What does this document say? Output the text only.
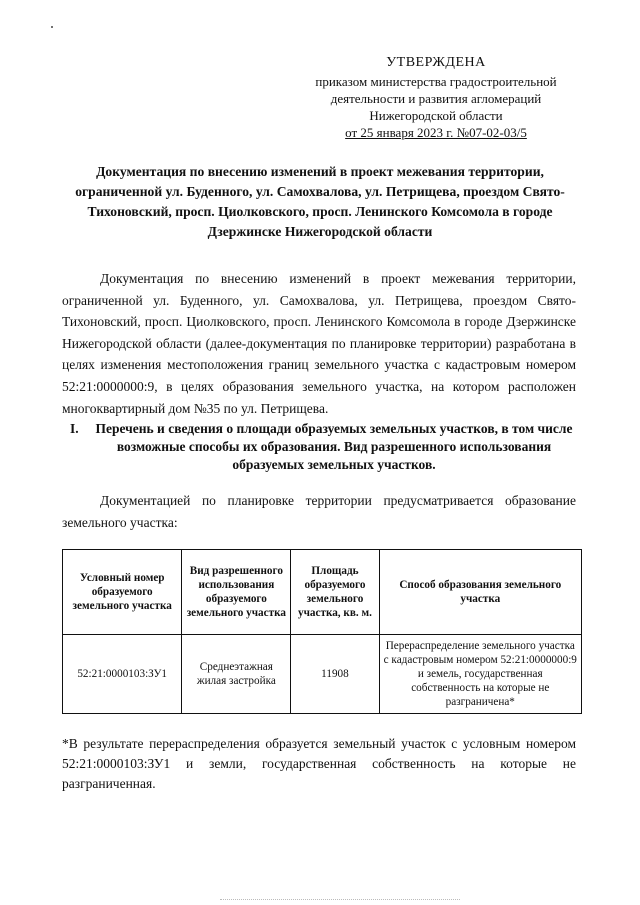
УТВЕРЖДЕНА
приказом министерства градостроительной
деятельности и развития агломераций
Нижегородской области
от 25 января 2023 г. №07-02-03/5
Документация по внесению изменений в проект межевания территории, ограниченной ул. Буденного, ул. Самохвалова, ул. Петрищева, проездом Свято-Тихоновский, просп. Циолковского, просп. Ленинского Комсомола в городе Дзержинске Нижегородской области
Документация по внесению изменений в проект межевания территории, ограниченной ул. Буденного, ул. Самохвалова, ул. Петрищева, проездом Свято-Тихоновский, просп. Циолковского, просп. Ленинского Комсомола в городе Дзержинске Нижегородской области (далее-документация по планировке территории) разработана в целях изменения местоположения границ земельного участка с кадастровым номером 52:21:0000000:9, в целях образования земельного участка, на котором расположен многоквартирный дом №35 по ул. Петрищева.
I.	Перечень и сведения о площади образуемых земельных участков, в том числе возможные способы их образования. Вид разрешенного использования образуемых земельных участков.
Документацией по планировке территории предусматривается образование земельного участка:
Условный номер образуемого земельного участка	Вид разрешенного использования образуемого земельного участка	Площадь образуемого земельного участка, кв. м.	Способ образования земельного участка
52:21:0000103:ЗУ1	Среднеэтажная жилая застройка	11908	Перераспределение земельного участка с кадастровым номером 52:21:0000000:9 и земель, государственная собственность на которые не разграничена*
*В результате перераспределения образуется земельный участок с условным номером 52:21:0000103:ЗУ1 и земли, государственная собственность на которые не разграниченная.
